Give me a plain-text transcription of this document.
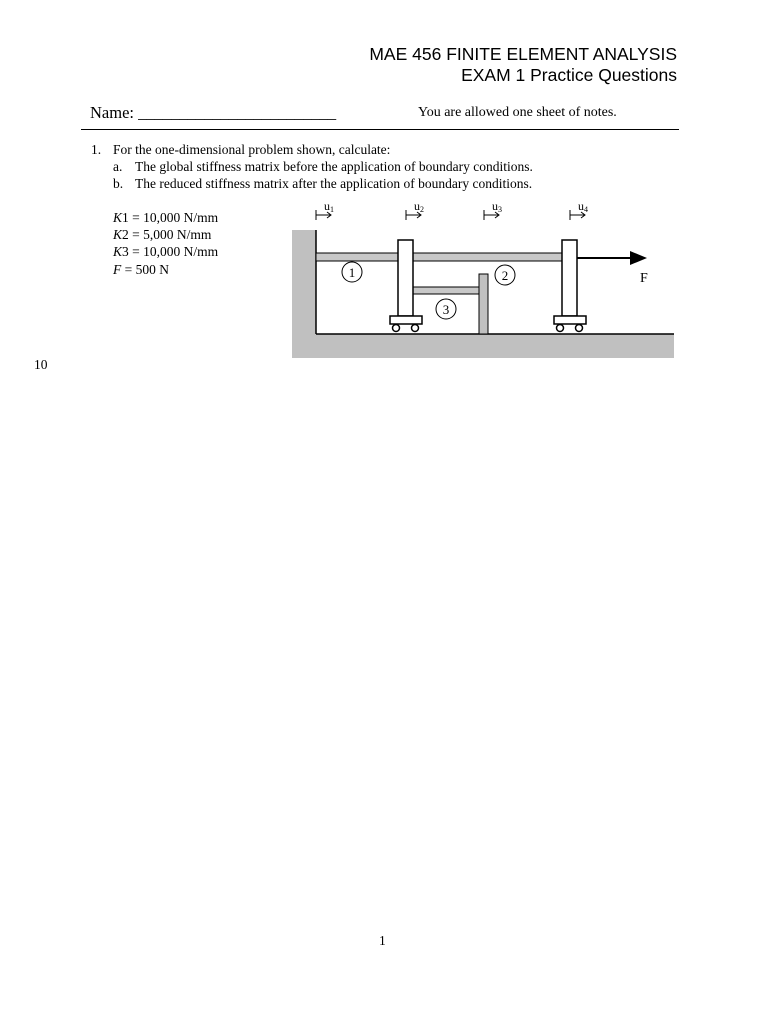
MAE 456 FINITE ELEMENT ANALYSIS
EXAM 1 Practice Questions
Name: ________________________	You are allowed one sheet of notes.
1. For the one-dimensional problem shown, calculate:
a. The global stiffness matrix before the application of boundary conditions.
b. The reduced stiffness matrix after the application of boundary conditions.
K1 = 10,000 N/mm
K2 = 5,000 N/mm
K3 = 10,000 N/mm
F = 500 N
10
F
1	2
3
u1	u2	u3	u4
1
